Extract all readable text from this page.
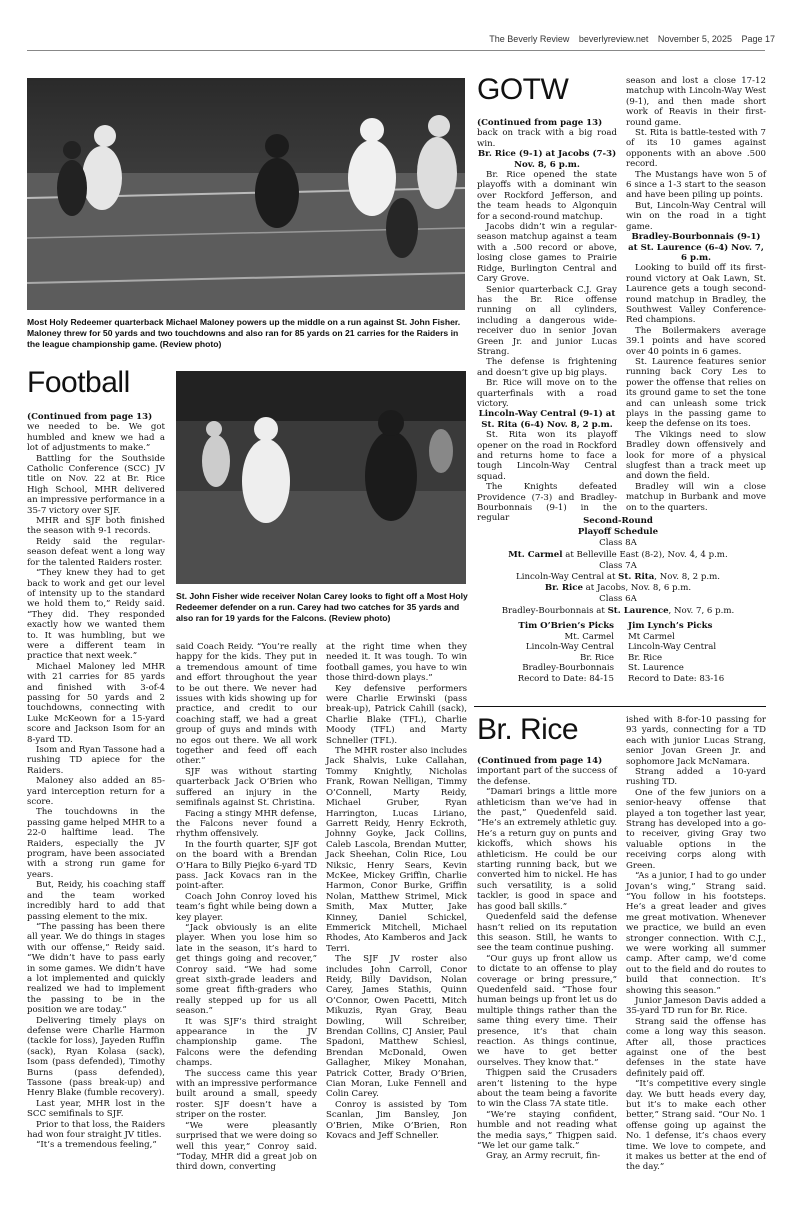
The Beverly Review beverlyreview.net November 5, 2025 Page 17
Most Holy Redeemer quarterback Michael Maloney powers up the middle on a run against St. John Fisher. Maloney threw for 50 yards and two touchdowns and also ran for 85 yards on 21 carries for the Raiders in the league championship game. (Review photo)
Football
St. John Fisher wide receiver Nolan Carey looks to fight off a Most Holy Redeemer defender on a run. Carey had two catches for 35 yards and also ran for 19 yards for the Falcons. (Review photo)

(Continued from page 13)

we needed to be. We got humbled and knew we had a lot of adjustments to make.”

Battling for the Southside Catholic Conference (SCC) JV title on Nov. 22 at Br. Rice High School, MHR delivered an impressive performance in a 35-7 victory over SJF.

MHR and SJF both finished the season with 9-1 records.

Reidy said the regular-season defeat went a long way for the talented Raiders roster.

“They knew they had to get back to work and get our level of intensity up to the standard we hold them to,” Reidy said. “They did. They responded exactly how we wanted them to. It was humbling, but we were a different team in practice that next week.”

Michael Maloney led MHR with 21 carries for 85 yards and finished with 3-of-4 passing for 50 yards and 2 touchdowns, connecting with Luke McKeown for a 15-yard score and Jackson Isom for an 8-yard TD.

Isom and Ryan Tassone had a rushing TD apiece for the Raiders.

Maloney also added an 85-yard interception return for a score.

The touchdowns in the passing game helped MHR to a 22-0 halftime lead. The Raiders, especially the JV program, have been associated with a strong run game for years.

But, Reidy, his coaching staff and the team worked incredibly hard to add that passing element to the mix.

“The passing has been there all year. We do things in stages with our offense,” Reidy said. “We didn’t have to pass early in some games. We didn’t have a lot implemented and quickly realized we had to implement the passing to be in the position we are today.”

Delivering timely plays on defense were Charlie Harmon (tackle for loss), Jayeden Ruffin (sack), Ryan Kolasa (sack), Isom (pass defended), Timothy Burns (pass defended), Tassone (pass break-up) and Henry Blake (fumble recovery).

Last year, MHR lost in the SCC semifinals to SJF.

Prior to that loss, the Raiders had won four straight JV titles.

“It’s a tremendous feeling,”

said Coach Reidy. “You’re really happy for the kids. They put in a tremendous amount of time and effort throughout the year to be out there. We never had issues with kids showing up for practice, and credit to our coaching staff, we had a great group of guys and minds with no egos out there. We all work together and feed off each other.”

SJF was without starting quarterback Jack O’Brien who suffered an injury in the semifinals against St. Christina.

Facing a stingy MHR defense, the Falcons never found a rhythm offensively.

In the fourth quarter, SJF got on the board with a Brendan O’Hara to Billy Piejko 6-yard TD pass. Jack Kovacs ran in the point-after.

Coach John Conroy loved his team’s fight while being down a key player.

“Jack obviously is an elite player. When you lose him so late in the season, it’s hard to get things going and recover,” Conroy said. “We had some great sixth-grade leaders and some great fifth-graders who really stepped up for us all season.”

It was SJF’s third straight appearance in the JV championship game. The Falcons were the defending champs.

The success came this year with an impressive performance built around a small, speedy roster. SJF doesn’t have a striper on the roster.

“We were pleasantly surprised that we were doing so well this year,” Conroy said. “Today, MHR did a great job on third down, converting

at the right time when they needed it. It was tough. To win football games, you have to win those third-down plays.”

Key defensive performers were Charlie Erwinski (pass break-up), Patrick Cahill (sack), Charlie Blake (TFL), Charlie Moody (TFL) and Marty Schneller (TFL).

The MHR roster also includes Jack Shalvis, Luke Callahan, Tommy Knightly, Nicholas Frank, Rowan Nelligan, Timmy O’Connell, Marty Reidy, Michael Gruber, Ryan Harrington, Lucas Liriano, Garrett Reidy, Henry Eckroth, Johnny Goyke, Jack Collins, Caleb Lascola, Brendan Mutter, Jack Sheehan, Colin Rice, Lou Niksic, Henry Sears, Kevin McKee, Mickey Griffin, Charlie Harmon, Conor Burke, Griffin Nolan, Matthew Strimel, Mick Smith, Max Mutter, Jake Kinney, Daniel Schickel, Emmerick Mitchell, Michael Rhodes, Ato Kamberos and Jack Terri.

The SJF JV roster also includes John Carroll, Conor Reidy, Billy Davidson, Nolan Carey, James Stathis, Quinn O’Connor, Owen Pacetti, Mitch Mikuzis, Ryan Gray, Beau Dowling, Will Schreiber, Brendan Collins, CJ Ansier, Paul Spadoni, Matthew Schiesl, Brendan McDonald, Owen Gallagher, Mikey Monahan, Patrick Cotter, Brady O’Brien, Cian Moran, Luke Fennell and Colin Carey.

Conroy is assisted by Tom Scanlan, Jim Bansley, Jon O’Brien, Mike O’Brien, Ron Kovacs and Jeff Schneller.

GOTW

(Continued from page 13)

back on track with a big road win.

Br. Rice (9-1) at Jacobs (7-3) Nov. 8, 6 p.m.

Br. Rice opened the state playoffs with a dominant win over Rockford Jefferson, and the team heads to Algonquin for a second-round matchup.

Jacobs didn’t win a regular-season matchup against a team with a .500 record or above, losing close games to Prairie Ridge, Burlington Central and Cary Grove.

Senior quarterback C.J. Gray has the Br. Rice offense running on all cylinders, including a dangerous wide-receiver duo in senior Jovan Green Jr. and junior Lucas Strang.

The defense is frightening and doesn’t give up big plays.

Br. Rice will move on to the quarterfinals with a road victory.

Lincoln-Way Central (9-1) at St. Rita (6-4) Nov. 8, 2 p.m.

St. Rita won its playoff opener on the road in Rockford and returns home to face a tough Lincoln-Way Central squad.

The Knights defeated Providence (7-3) and Bradley-Bourbonnais (9-1) in the regular

season and lost a close 17-12 matchup with Lincoln-Way West (9-1), and then made short work of Reavis in their first-round game.

St. Rita is battle-tested with 7 of its 10 games against opponents with an above .500 record.

The Mustangs have won 5 of 6 since a 1-3 start to the season and have been piling up points.

But, Lincoln-Way Central will win on the road in a tight game.

Bradley-Bourbonnais (9-1) at St. Laurence (6-4) Nov. 7, 6 p.m.

Looking to build off its first-round victory at Oak Lawn, St. Laurence gets a tough second-round matchup in Bradley, the Southwest Valley Conference-Red champions.

The Boilermakers average 39.1 points and have scored over 40 points in 6 games.

St. Laurence features senior running back Cory Les to power the offense that relies on its ground game to set the tone and can unleash some trick plays in the passing game to keep the defense on its toes.

The Vikings need to slow Bradley down offensively and look for more of a physical slugfest than a track meet up and down the field.

Bradley will win a close matchup in Burbank and move on to the quarters.

Second-Round
Playoff Schedule
Class 8A
Mt. Carmel at Belleville East (8-2), Nov. 4, 4 p.m.
Class 7A
Lincoln-Way Central at St. Rita, Nov. 8, 2 p.m.
Br. Rice at Jacobs, Nov. 8, 6 p.m.
Class 6A
Bradley-Bourbonnais at St. Laurence, Nov. 7, 6 p.m.
Tim O’Brien’s Picks
Mt. Carmel
Lincoln-Way Central
Br. Rice
Bradley-Bourbonnais
Record to Date: 84-15
Jim Lynch’s Picks
Mt Carmel
Lincoln-Way Central
Br. Rice
St. Laurence
Record to Date: 83-16
Br. Rice

(Continued from page 14)

important part of the success of the defense.

“Damari brings a little more athleticism than we’ve had in the past,” Quedenfeld said. “He’s an extremely athletic guy. He’s a return guy on punts and kickoffs, which shows his athleticism. He could be our starting running back, but we converted him to nickel. He has such versatility, is a solid tackler, is good in space and has good ball skills.”

Quedenfeld said the defense hasn’t relied on its reputation this season. Still, he wants to see the team continue pushing.

“Our guys up front allow us to dictate to an offense to play coverage or bring pressure,” Quedenfeld said. “Those four human beings up front let us do multiple things rather than the same thing every time. Their presence, it’s that chain reaction. As things continue, we have to get better ourselves. They know that.”

Thigpen said the Crusaders aren’t listening to the hype about the team being a favorite to win the Class 7A state title.

“We’re staying confident, humble and not reading what the media says,” Thigpen said. “We let our game talk.”

Gray, an Army recruit, fin-

ished with 8-for-10 passing for 93 yards, connecting for a TD each with junior Lucas Strang, senior Jovan Green Jr. and sophomore Jack McNamara.

Strang added a 10-yard rushing TD.

One of the few juniors on a senior-heavy offense that played a ton together last year, Strang has developed into a go-to receiver, giving Gray two valuable options in the receiving corps along with Green.

“As a junior, I had to go under Jovan’s wing,” Strang said. “You follow in his footsteps. He’s a great leader and gives me great motivation. Whenever we practice, we build an even stronger connection. With C.J., we were working all summer camp. After camp, we’d come out to the field and do routes to build that connection. It’s showing this season.”

Junior Jameson Davis added a 35-yard TD run for Br. Rice.

Strang said the offense has come a long way this season. After all, those practices against one of the best defenses in the state have definitely paid off.

“It’s competitive every single day. We butt heads every day, but it’s to make each other better,” Strang said. “Our No. 1 offense going up against the No. 1 defense, it’s chaos every time. We love to compete, and it makes us better at the end of the day.”
